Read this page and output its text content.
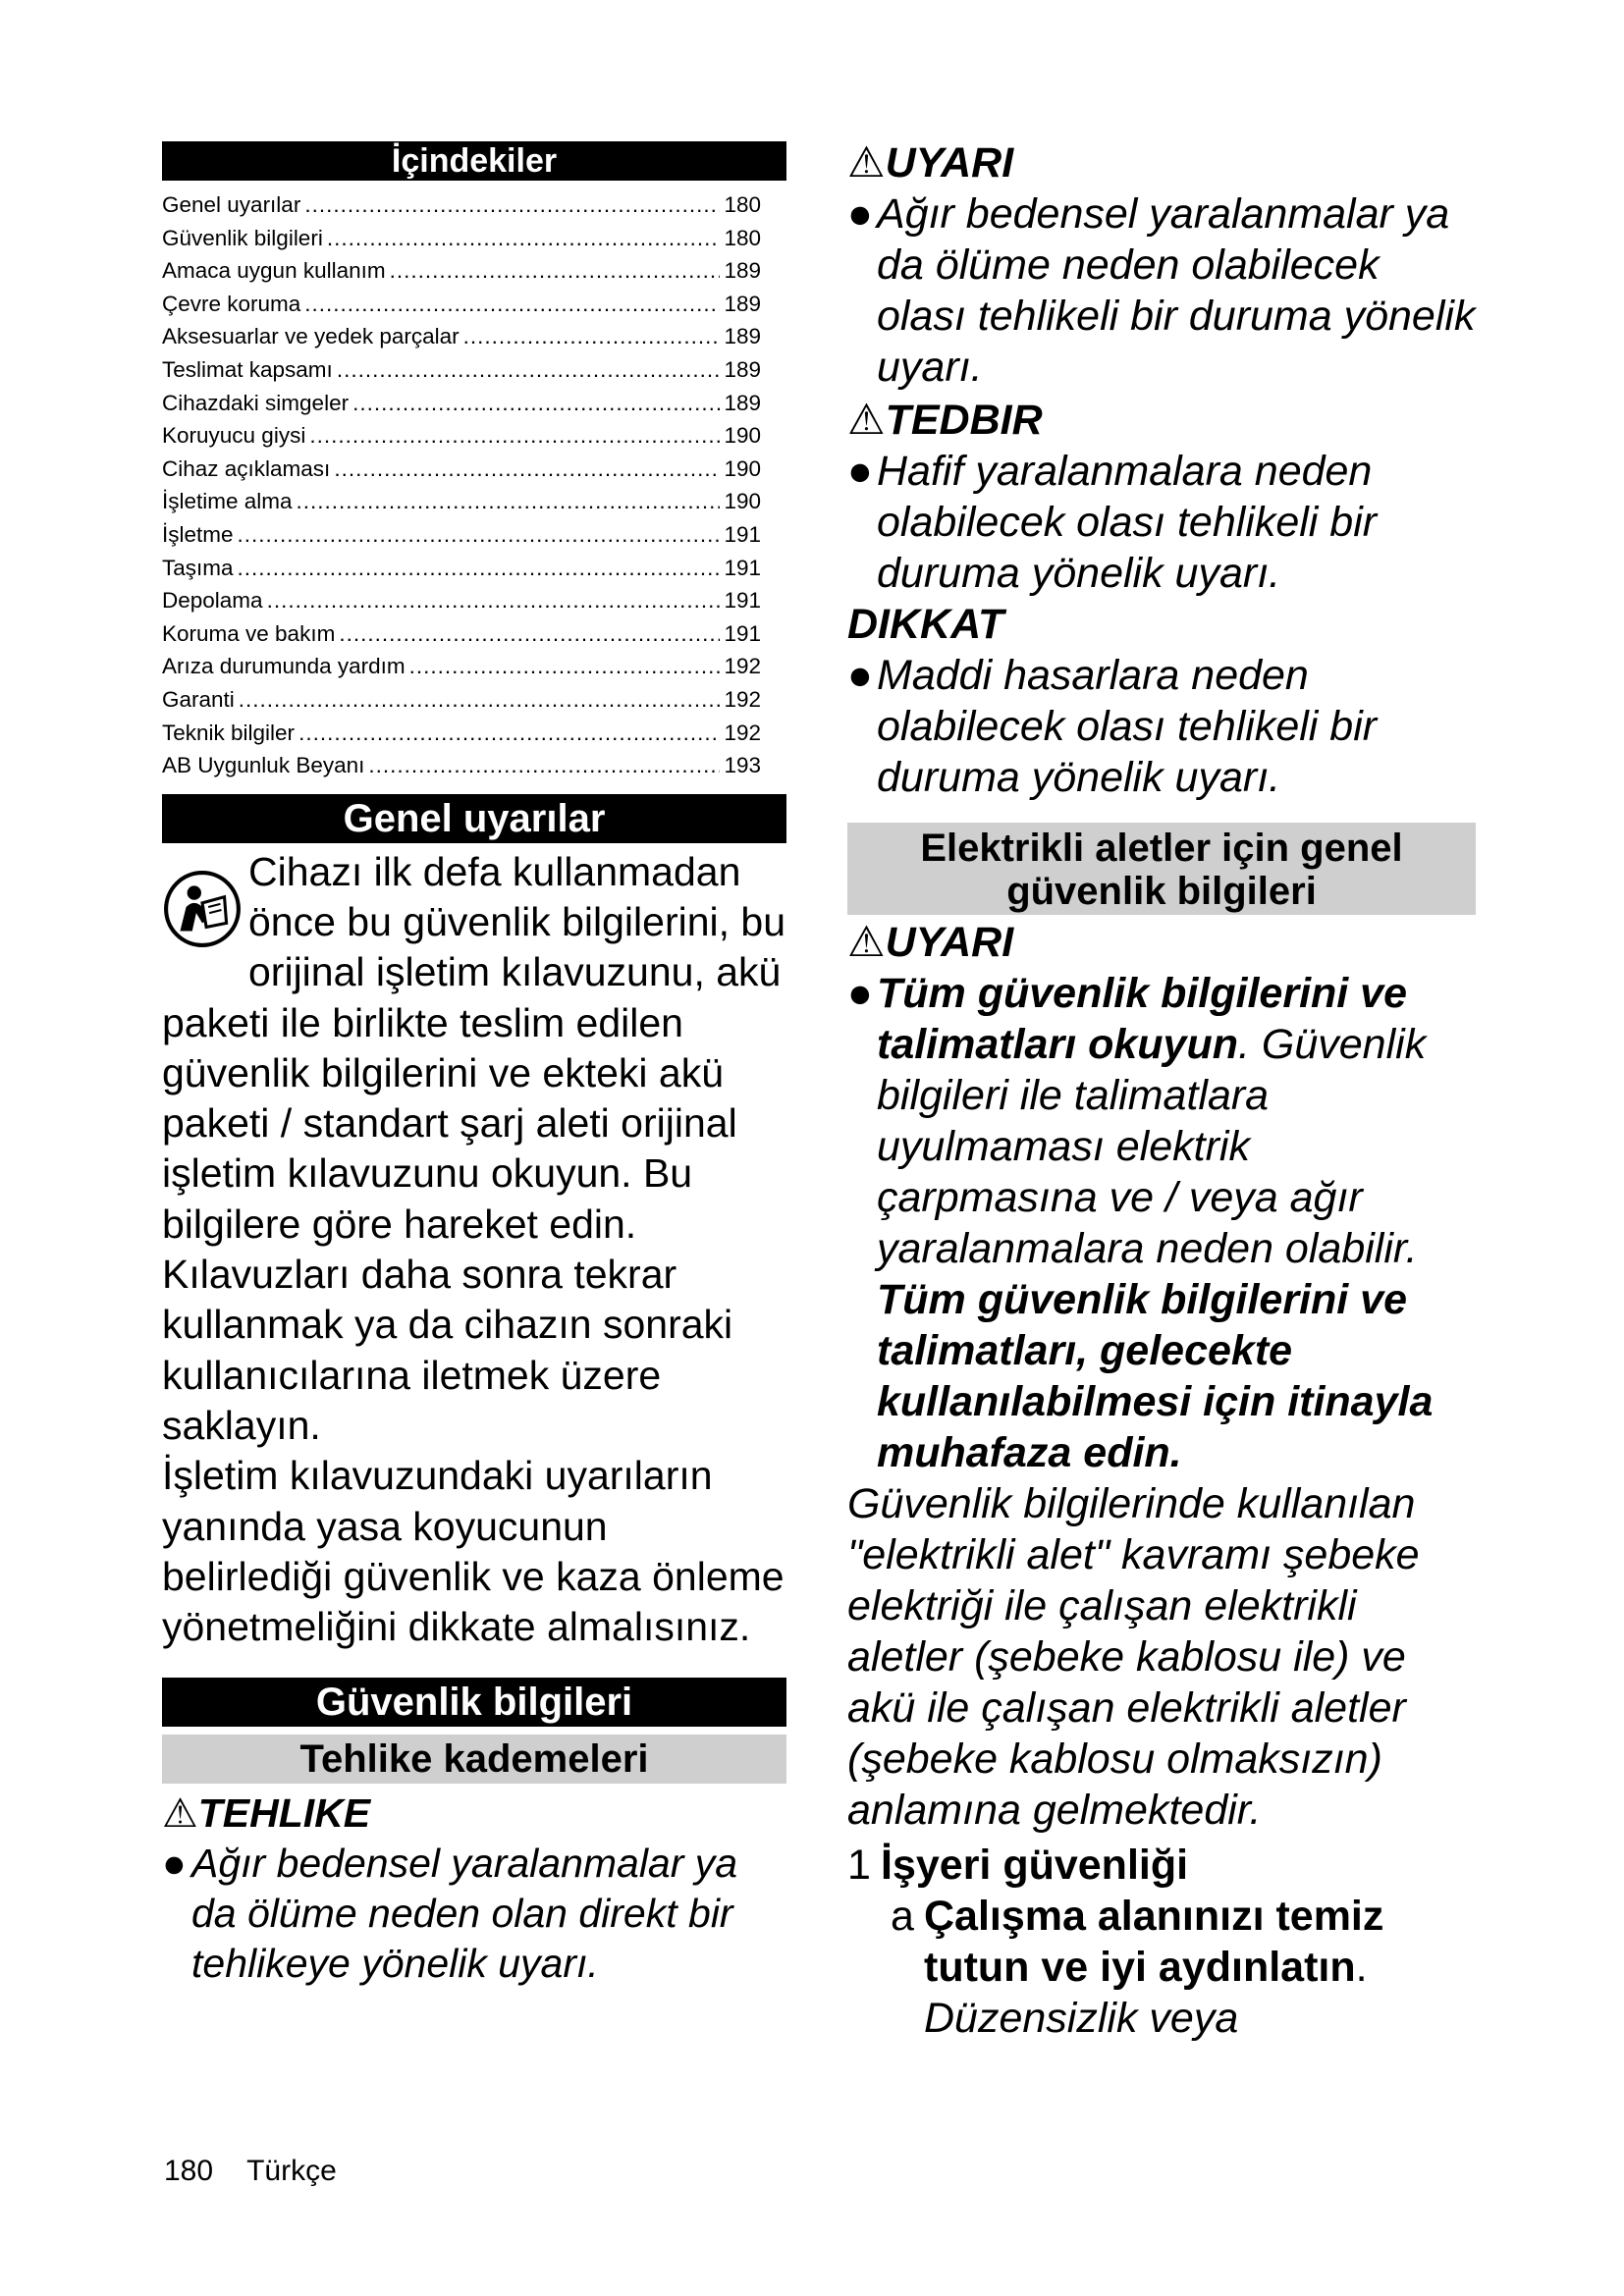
İçindekiler
Genel uyarılar .....	180
Güvenlik bilgileri .....	180
Amaca uygun kullanım .....	189
Çevre koruma .....	189
Aksesuarlar ve yedek parçalar .....	189
Teslimat kapsamı .....	189
Cihazdaki simgeler .....	189
Koruyucu giysi .....	190
Cihaz açıklaması .....	190
İşletime alma .....	190
İşletme .....	191
Taşıma .....	191
Depolama .....	191
Koruma ve bakım .....	191
Arıza durumunda yardım .....	192
Garanti .....	192
Teknik bilgiler .....	192
AB Uygunluk Beyanı .....	193
Genel uyarılar

Cihazı ilk defa kullanmadan önce bu güvenlik bilgilerini, bu orijinal işletim kılavuzunu, akü paketi ile birlikte teslim edilen güvenlik bilgilerini ve ekteki akü paketi / standart şarj aleti orijinal işletim kılavuzunu okuyun. Bu bilgilere göre hareket edin. Kılavuzları daha sonra tekrar kullanmak ya da cihazın sonraki kullanıcılarına iletmek üzere saklayın.

İşletim kılavuzundaki uyarıların yanında yasa koyucunun belirlediği güvenlik ve kaza önleme yönetmeliğini dikkate almalısınız.

Güvenlik bilgileri
Tehlike kademeleri
⚠TEHLIKE
● Ağır bedensel yaralanmalar ya da ölüme neden olan direkt bir tehlikeye yönelik uyarı.
⚠UYARI
● Ağır bedensel yaralanmalar ya da ölüme neden olabilecek olası tehlikeli bir duruma yönelik uyarı.
⚠TEDBIR
● Hafif yaralanmalara neden olabilecek olası tehlikeli bir duruma yönelik uyarı.
DIKKAT
● Maddi hasarlara neden olabilecek olası tehlikeli bir duruma yönelik uyarı.
Elektrikli aletler için genel güvenlik bilgileri
⚠UYARI
● Tüm güvenlik bilgilerini ve talimatları okuyun. Güvenlik bilgileri ile talimatlara uyulmaması elektrik çarpmasına ve / veya ağır yaralanmalara neden olabilir. Tüm güvenlik bilgilerini ve talimatları, gelecekte kullanılabilmesi için itinayla muhafaza edin.
Güvenlik bilgilerinde kullanılan "elektrikli alet" kavramı şebeke elektriği ile çalışan elektrikli aletler (şebeke kablosu ile) ve akü ile çalışan elektrikli aletler (şebeke kablosu olmaksızın) anlamına gelmektedir.
1 İşyeri güvenliği
a Çalışma alanınızı temiz tutun ve iyi aydınlatın. Düzensizlik veya
180 Türkçe
